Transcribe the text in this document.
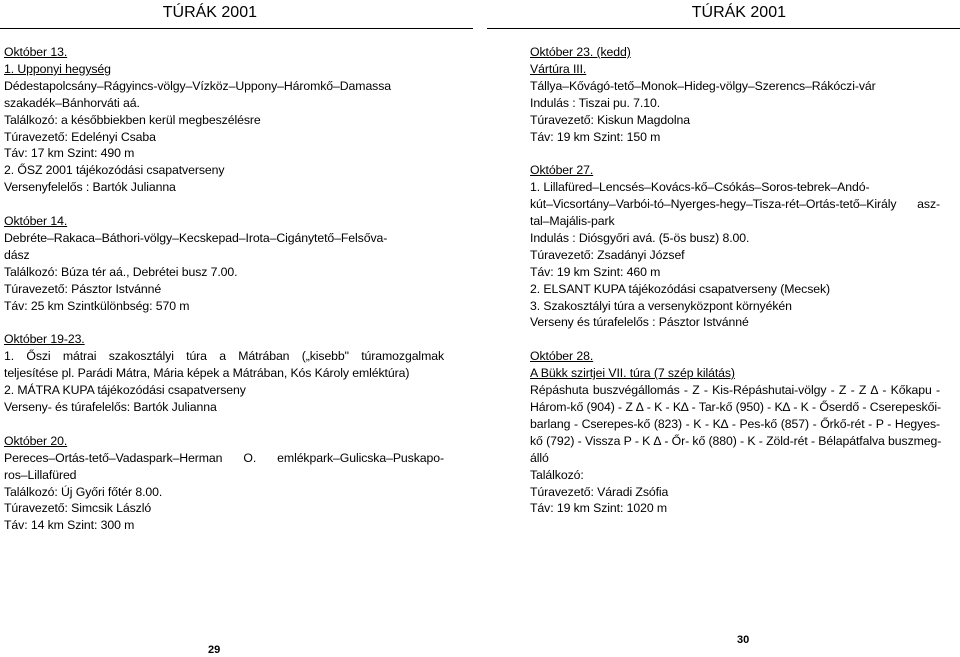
TÚRÁK 2001
Október 13.
1. Upponyi hegység
Dédestapolcsány–Rágyincs-völgy–Vízköz–Uppony–Háromkő–Damassa
szakadék–Bánhorváti aá.
Találkozó: a későbbiekben kerül megbeszélésre
Túravezető: Edelényi Csaba
Táv: 17 km Szint: 490 m
2. ŐSZ 2001 tájékozódási csapatverseny
Versenyfelelős : Bartók Julianna
Október 14.
Debréte–Rakaca–Báthori-völgy–Kecskepad–Irota–Cigánytető–Felsőva-
dász
Találkozó: Búza tér aá., Debrétei busz 7.00.
Túravezető: Pásztor Istvánné
Táv: 25 km Szintkülönbség: 570 m
Október 19-23.
1. Őszi mátrai szakosztályi túra a Mátrában („kisebb" túramozgalmak
teljesítése pl. Parádi Mátra, Mária képek a Mátrában, Kós Károly emléktúra)
2. MÁTRA KUPA tájékozódási csapatverseny
Verseny- és túrafelelős: Bartók Julianna
Október 20.
Pereces–Ortás-tető–Vadaspark–Herman O. emlékpark–Gulicska–Puskapo-
ros–Lillafüred
Találkozó: Új Győri főtér 8.00.
Túravezető: Simcsik László
Táv: 14 km Szint: 300 m
29
TÚRÁK 2001
Október 23. (kedd)
Vártúra III.
Tállya–Kővágó-tető–Monok–Hideg-völgy–Szerencs–Rákóczi-vár
Indulás : Tiszai pu. 7.10.
Túravezető: Kiskun Magdolna
Táv: 19 km Szint: 150 m
Október 27.
1. Lillafüred–Lencsés–Kovács-kő–Csókás–Soros-tebrek–Andó-
kút–Vicsortány–Varbói-tó–Nyerges-hegy–Tisza-rét–Ortás-tető–Király asz-
tal–Majális-park
Indulás : Diósgyőri avá. (5-ös busz) 8.00.
Túravezető: Zsadányi József
Táv: 19 km Szint: 460 m
2. ELSANT KUPA tájékozódási csapatverseny (Mecsek)
3. Szakosztályi túra a versenyközpont környékén
Verseny és túrafelelős : Pásztor Istvánné
Október 28.
A Bükk szirtjei VII. túra (7 szép kilátás)
Répáshuta buszvégállomás - Z - Kis-Répáshutai-völgy - Z - Z ∆ - Kőkapu -
Három-kő (904) - Z ∆ - K - K∆ - Tar-kő (950) - K∆ - K - Őserdő - Cserepeskői-
barlang - Cserepes-kő (823) - K - K∆ - Pes-kő (857) - Őrkő-rét - P - Hegyes-
kő (792) - Vissza P - K ∆ - Őr- kő (880) - K - Zöld-rét - Bélapátfalva buszmeg-
álló
Találkozó:
Túravezető: Váradi Zsófia
Táv: 19 km Szint: 1020 m
30
